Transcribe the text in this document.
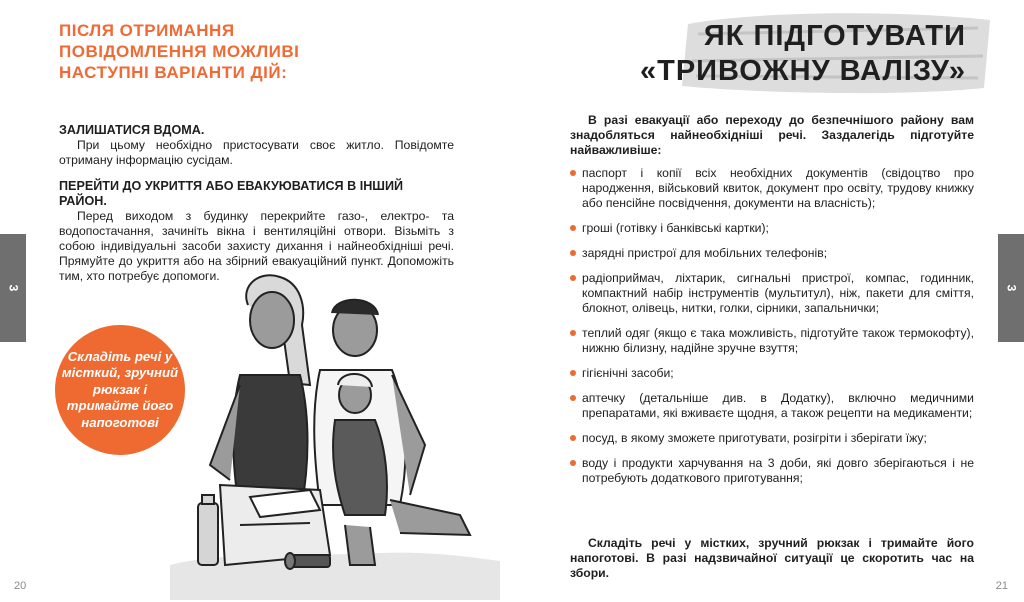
3
ПІСЛЯ ОТРИМАННЯ
ПОВІДОМЛЕННЯ МОЖЛИВІ
НАСТУПНІ ВАРІАНТИ ДІЙ:
ЗАЛИШАТИСЯ ВДОМА.
При цьому необхідно пристосувати своє житло. Повідомте отриману інформацію сусідам.
ПЕРЕЙТИ ДО УКРИТТЯ АБО ЕВАКУЮВАТИСЯ В ІНШИЙ РАЙОН.
Перед виходом з будинку перекрийте газо-, електро- та водопостачання, зачиніть вікна і вентиляційні отвори. Візьміть з собою індивідуальні засоби захисту дихання і найнеобхідніші речі. Прямуйте до укриття або на збірний евакуаційний пункт. Допоможіть тим, хто потребує допомоги.
Складіть речі у місткий, зручний рюкзак і тримайте його напоготові
20
ЯК ПІДГОТУВАТИ
«ТРИВОЖНУ ВАЛІЗУ»
В разі евакуації або переходу до безпечнішого району вам знадобляться найнеобхідніші речі. Заздалегідь підготуйте найважливіше:
паспорт і копії всіх необхідних документів (свідоцтво про народження, військовий квиток, документ про освіту, трудову книжку або пенсійне посвідчення, документи на власність);
гроші (готівку і банківські картки);
зарядні пристрої для мобільних телефонів;
радіоприймач, ліхтарик, сигнальні пристрої, компас, годинник, компактний набір інструментів (мультитул), ніж, пакети для сміття, блокнот, олівець, нитки, голки, сірники, запальнички;
теплий одяг (якщо є така можливість, підготуйте також термокофту), нижню білизну, надійне зручне взуття;
гігієнічні засоби;
аптечку (детальніше див. в Додатку), включно медичними препаратами, які вживаєте щодня, а також рецепти на медикаменти;
посуд, в якому зможете приготувати, розігріти і зберігати їжу;
воду і продукти харчування на 3 доби, які довго зберігаються і не потребують додаткового приготування;
Складіть речі у містких, зручний рюкзак і тримайте його напоготові. В разі надзвичайної ситуації це скоротить час на збори.
3
21
